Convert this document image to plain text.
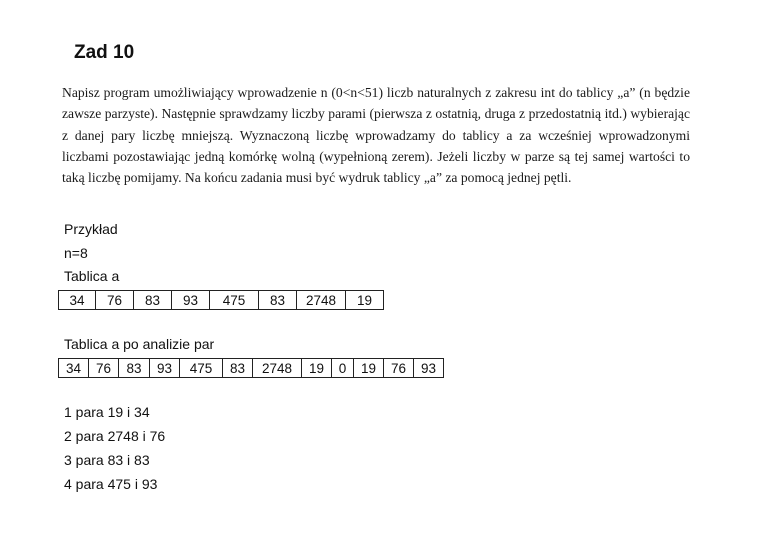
Zad 10
Napisz program umożliwiający wprowadzenie n (0<n<51) liczb naturalnych z zakresu int do tablicy „a” (n będzie zawsze parzyste). Następnie sprawdzamy liczby parami (pierwsza z ostatnią, druga z przedostatnią itd.) wybierając z danej pary liczbę mniejszą. Wyznaczoną liczbę wprowadzamy do tablicy a za wcześniej wprowadzonymi liczbami pozostawiając jedną komórkę wolną (wypełnioną zerem). Jeżeli liczby w parze są tej samej wartości to taką liczbę pomijamy. Na końcu zadania musi być wydruk tablicy „a” za pomocą jednej pętli.
Przykład
n=8
Tablica a
34	76	83	93	475	83	2748	19
Tablica a po analizie par
34	76	83	93	475	83	2748	19	0	19	76	93
1 para 19 i 34
2 para 2748 i 76
3 para 83 i 83
4 para 475 i 93
